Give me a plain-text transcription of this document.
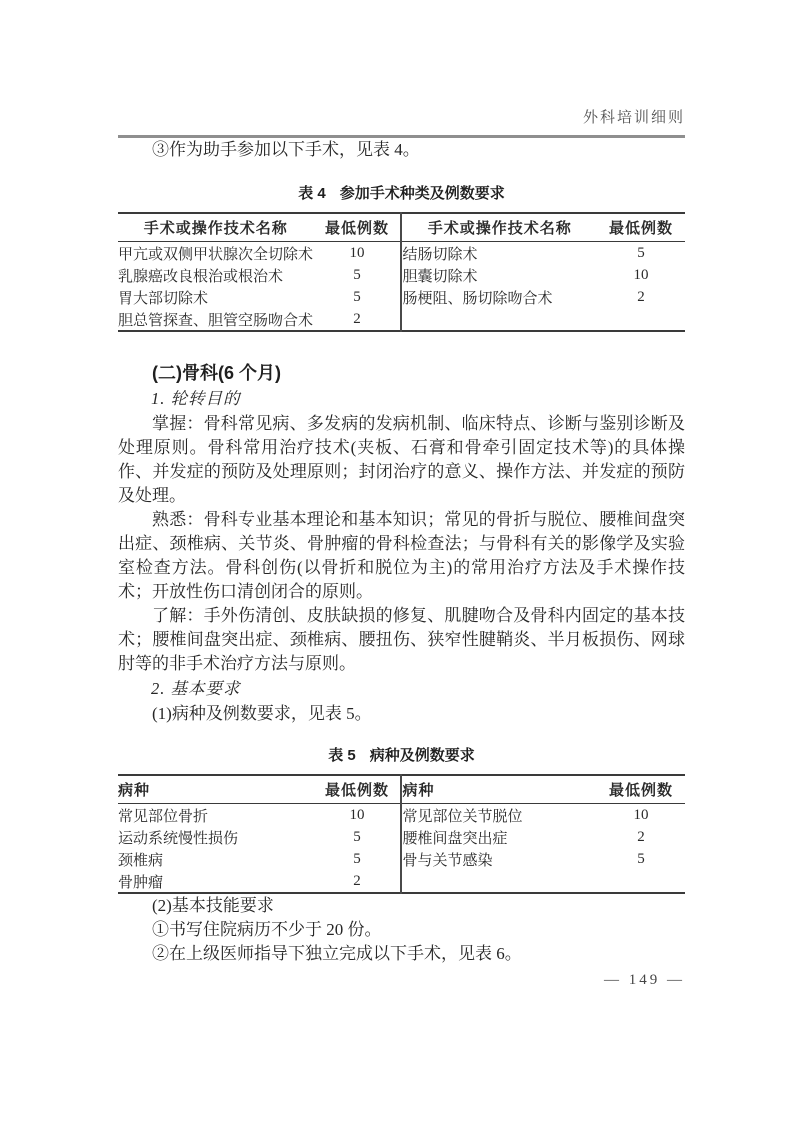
外科培训细则

③作为助手参加以下手术，见表 4。

表 4 参加手术种类及例数要求
手术或操作技术名称	最低例数	手术或操作技术名称	最低例数
甲亢或双侧甲状腺次全切除术	10	结肠切除术	5
乳腺癌改良根治或根治术	5	胆囊切除术	10
胃大部切除术	5	肠梗阻、肠切除吻合术	2
胆总管探查、胆管空肠吻合术	2		
(二)骨科(6 个月)

1. 轮转目的

掌握：骨科常见病、多发病的发病机制、临床特点、诊断与鉴别诊断及处理原则。骨科常用治疗技术(夹板、石膏和骨牵引固定技术等)的具体操作、并发症的预防及处理原则；封闭治疗的意义、操作方法、并发症的预防及处理。

熟悉：骨科专业基本理论和基本知识；常见的骨折与脱位、腰椎间盘突出症、颈椎病、关节炎、骨肿瘤的骨科检查法；与骨科有关的影像学及实验室检查方法。骨科创伤(以骨折和脱位为主)的常用治疗方法及手术操作技术；开放性伤口清创闭合的原则。

了解：手外伤清创、皮肤缺损的修复、肌腱吻合及骨科内固定的基本技术；腰椎间盘突出症、颈椎病、腰扭伤、狭窄性腱鞘炎、半月板损伤、网球肘等的非手术治疗方法与原则。

2. 基本要求

(1)病种及例数要求，见表 5。

表 5 病种及例数要求
病种	最低例数	病种	最低例数
常见部位骨折	10	常见部位关节脱位	10
运动系统慢性损伤	5	腰椎间盘突出症	2
颈椎病	5	骨与关节感染	5
骨肿瘤	2		

(2)基本技能要求

①书写住院病历不少于 20 份。

②在上级医师指导下独立完成以下手术，见表 6。

— 149 —
